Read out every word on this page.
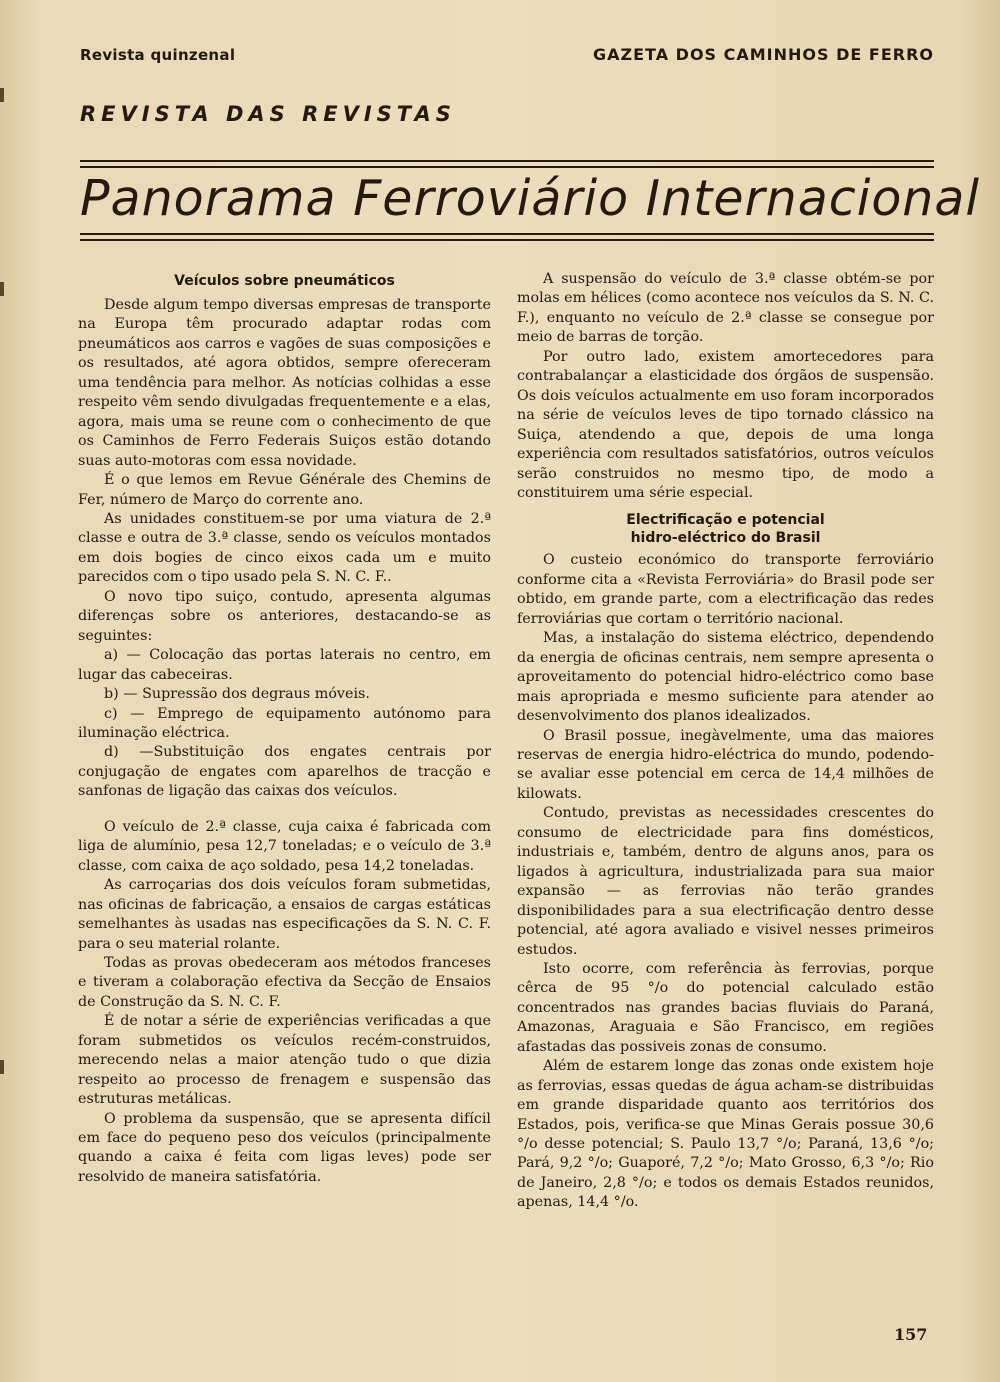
Revista quinzenal	GAZETA DOS CAMINHOS DE FERRO
REVISTA DAS REVISTAS
Panorama Ferroviário Internacional

Veículos sobre pneumáticos

Desde algum tempo diversas empresas de transporte na Europa têm procurado adaptar rodas com pneumáticos aos carros e vagões de suas composições e os resultados, até agora obtidos, sempre ofereceram uma tendência para melhor. As notícias colhidas a esse respeito vêm sendo divulgadas frequentemente e a elas, agora, mais uma se reune com o conhecimento de que os Caminhos de Ferro Federais Suiços estão dotando suas auto-motoras com essa novidade.

É o que lemos em Revue Générale des Chemins de Fer, número de Março do corrente ano.

As unidades constituem-se por uma viatura de 2.ª classe e outra de 3.ª classe, sendo os veículos montados em dois bogies de cinco eixos cada um e muito parecidos com o tipo usado pela S. N. C. F..

O novo tipo suiço, contudo, apresenta algumas diferenças sobre os anteriores, destacando-se as seguintes:

a) — Colocação das portas laterais no centro, em lugar das cabeceiras.

b) — Supressão dos degraus móveis.

c) — Emprego de equipamento autónomo para iluminação eléctrica.

d) —Substituição dos engates centrais por conjugação de engates com aparelhos de tracção e sanfonas de ligação das caixas dos veículos.

O veículo de 2.ª classe, cuja caixa é fabricada com liga de alumínio, pesa 12,7 toneladas; e o veículo de 3.ª classe, com caixa de aço soldado, pesa 14,2 toneladas.

As carroçarias dos dois veículos foram submetidas, nas oficinas de fabricação, a ensaios de cargas estáticas semelhantes às usadas nas especificações da S. N. C. F. para o seu material rolante.

Todas as provas obedeceram aos métodos franceses e tiveram a colaboração efectiva da Secção de Ensaios de Construção da S. N. C. F.

É de notar a série de experiências verificadas a que foram submetidos os veículos recém-construidos, merecendo nelas a maior atenção tudo o que dizia respeito ao processo de frenagem e suspensão das estruturas metálicas.

O problema da suspensão, que se apresenta difícil em face do pequeno peso dos veículos (principalmente quando a caixa é feita com ligas leves) pode ser resolvido de maneira satisfatória.

A suspensão do veículo de 3.ª classe obtém-se por molas em hélices (como acontece nos veículos da S. N. C. F.), enquanto no veículo de 2.ª classe se consegue por meio de barras de torção.

Por outro lado, existem amortecedores para contrabalançar a elasticidade dos órgãos de suspensão. Os dois veículos actualmente em uso foram incorporados na série de veículos leves de tipo tornado clássico na Suiça, atendendo a que, depois de uma longa experiência com resultados satisfatórios, outros veículos serão construidos no mesmo tipo, de modo a constituirem uma série especial.

Electrificação e potencial
hidro-eléctrico do Brasil

O custeio económico do transporte ferroviário conforme cita a «Revista Ferroviária» do Brasil pode ser obtido, em grande parte, com a electrificação das redes ferroviárias que cortam o território nacional.

Mas, a instalação do sistema eléctrico, dependendo da energia de oficinas centrais, nem sempre apresenta o aproveitamento do potencial hidro-eléctrico como base mais apropriada e mesmo suficiente para atender ao desenvolvimento dos planos idealizados.

O Brasil possue, inegàvelmente, uma das maiores reservas de energia hidro-eléctrica do mundo, podendo-se avaliar esse potencial em cerca de 14,4 milhões de kilowats.

Contudo, previstas as necessidades crescentes do consumo de electricidade para fins domésticos, industriais e, também, dentro de alguns anos, para os ligados à agricultura, industrializada para sua maior expansão — as ferrovias não terão grandes disponibilidades para a sua electrificação dentro desse potencial, até agora avaliado e visivel nesses primeiros estudos.

Isto ocorre, com referência às ferrovias, porque cêrca de 95 °/o do potencial calculado estão concentrados nas grandes bacias fluviais do Paraná, Amazonas, Araguaia e São Francisco, em regiões afastadas das possiveis zonas de consumo.

Além de estarem longe das zonas onde existem hoje as ferrovias, essas quedas de água acham-se distribuidas em grande disparidade quanto aos territórios dos Estados, pois, verifica-se que Minas Gerais possue 30,6 °/o desse potencial; S. Paulo 13,7 °/o; Paraná, 13,6 °/o; Pará, 9,2 °/o; Guaporé, 7,2 °/o; Mato Grosso, 6,3 °/o; Rio de Janeiro, 2,8 °/o; e todos os demais Estados reunidos, apenas, 14,4 °/o.

157
